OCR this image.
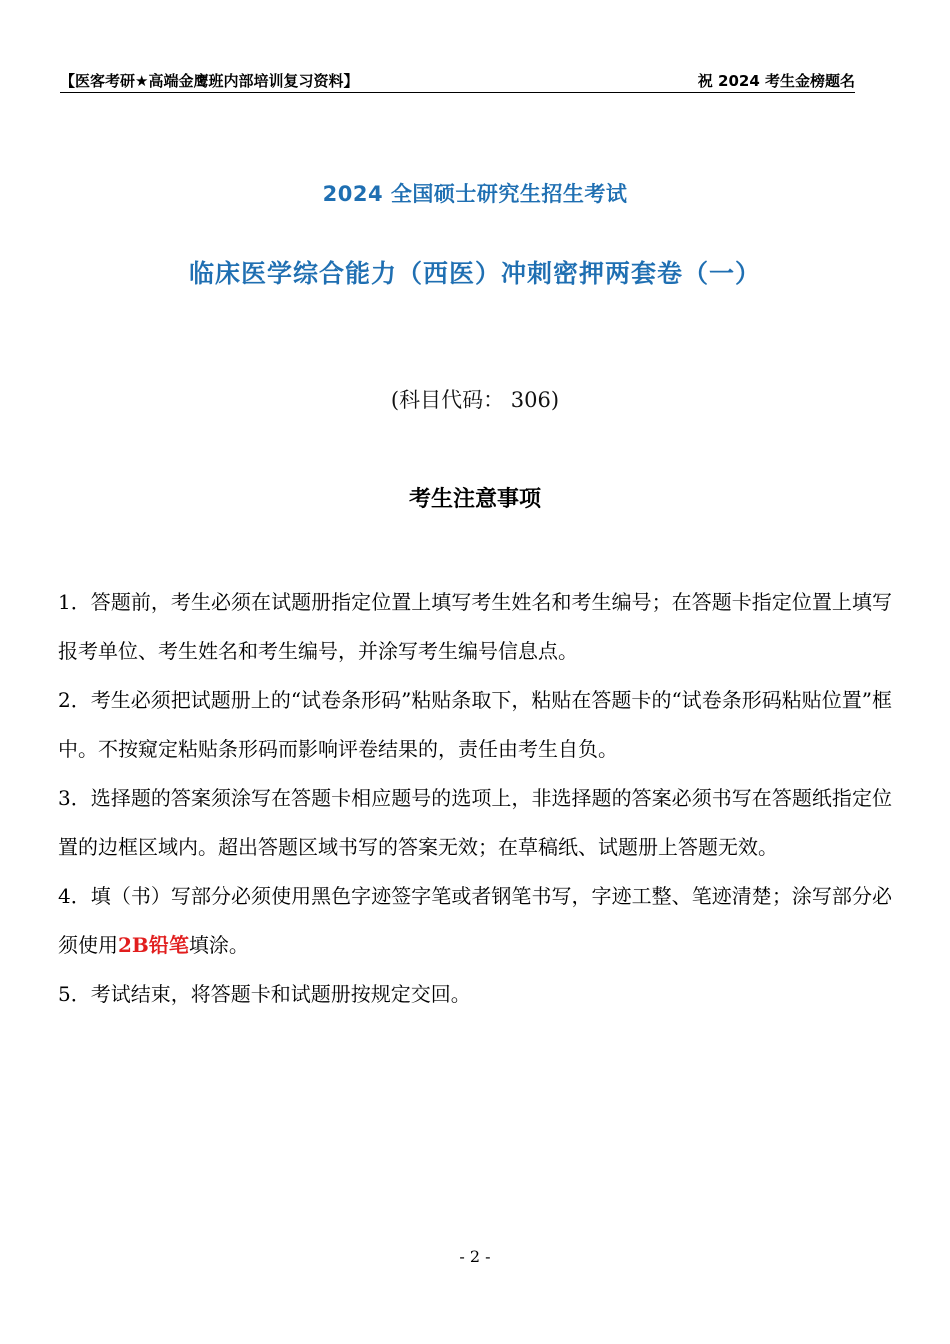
【医客考研★高端金鹰班内部培训复习资料】	祝 2024 考生金榜题名
2024 全国硕士研究生招生考试
临床医学综合能力（西医）冲刺密押两套卷（一）
(科目代码： 306)
考生注意事项
1．答题前，考生必须在试题册指定位置上填写考生姓名和考生编号；在答题卡指定位置上填写报考单位、考生姓名和考生编号，并涂写考生编号信息点。
2．考生必须把试题册上的“试卷条形码”粘贴条取下，粘贴在答题卡的“试卷条形码粘贴位置”框中。不按窥定粘贴条形码而影响评卷结果的，责任由考生自负。
3．选择题的答案须涂写在答题卡相应题号的选项上，非选择题的答案必须书写在答题纸指定位置的边框区域内。超出答题区域书写的答案无效；在草稿纸、试题册上答题无效。
4．填（书）写部分必须使用黑色字迹签字笔或者钢笔书写，字迹工整、笔迹清楚；涂写部分必须使用2B铅笔填涂。
5．考试结束，将答题卡和试题册按规定交回。
- 2 -
